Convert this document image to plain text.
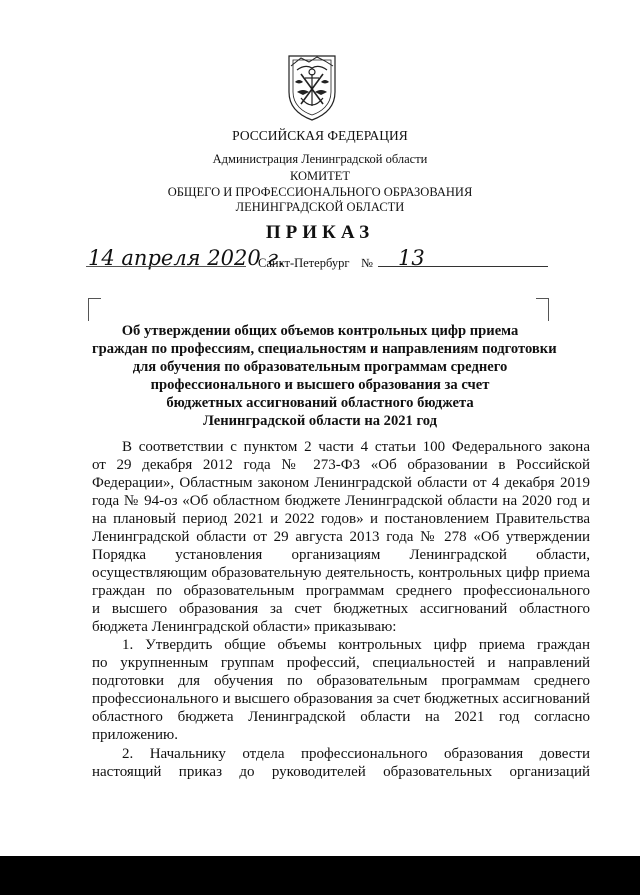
РОССИЙСКАЯ ФЕДЕРАЦИЯ
Администрация Ленинградской области
КОМИТЕТ
ОБЩЕГО И ПРОФЕССИОНАЛЬНОГО ОБРАЗОВАНИЯ
ЛЕНИНГРАДСКОЙ ОБЛАСТИ
ПРИКАЗ
14 апреля 2020 г.
Санкт-Петербург № 13
Об утверждении общих объемов контрольных цифр приема
граждан по профессиям, специальностям и направлениям подготовки
для обучения по образовательным программам среднего
профессионального и высшего образования за счет
бюджетных ассигнований областного бюджета
Ленинградской области на 2021 год
В соответствии с пунктом 2 части 4 статьи 100 Федерального закона
от 29 декабря 2012 года № 273-ФЗ «Об образовании в Российской
Федерации», Областным законом Ленинградской области от 4 декабря 2019
года № 94-оз «Об областном бюджете Ленинградской области на 2020 год и
на плановый период 2021 и 2022 годов» и постановлением Правительства
Ленинградской области от 29 августа 2013 года № 278 «Об утверждении
Порядка установления организациям Ленинградской области,
осуществляющим образовательную деятельность, контрольных цифр приема
граждан по образовательным программам среднего профессионального
и высшего образования за счет бюджетных ассигнований областного
бюджета Ленинградской области» приказываю:
1. Утвердить общие объемы контрольных цифр приема граждан
по укрупненным группам профессий, специальностей и направлений
подготовки для обучения по образовательным программам среднего
профессионального и высшего образования за счет бюджетных ассигнований
областного бюджета Ленинградской области на 2021 год согласно
приложению.
2. Начальнику отдела профессионального образования довести
настоящий приказ до руководителей образовательных организаций
